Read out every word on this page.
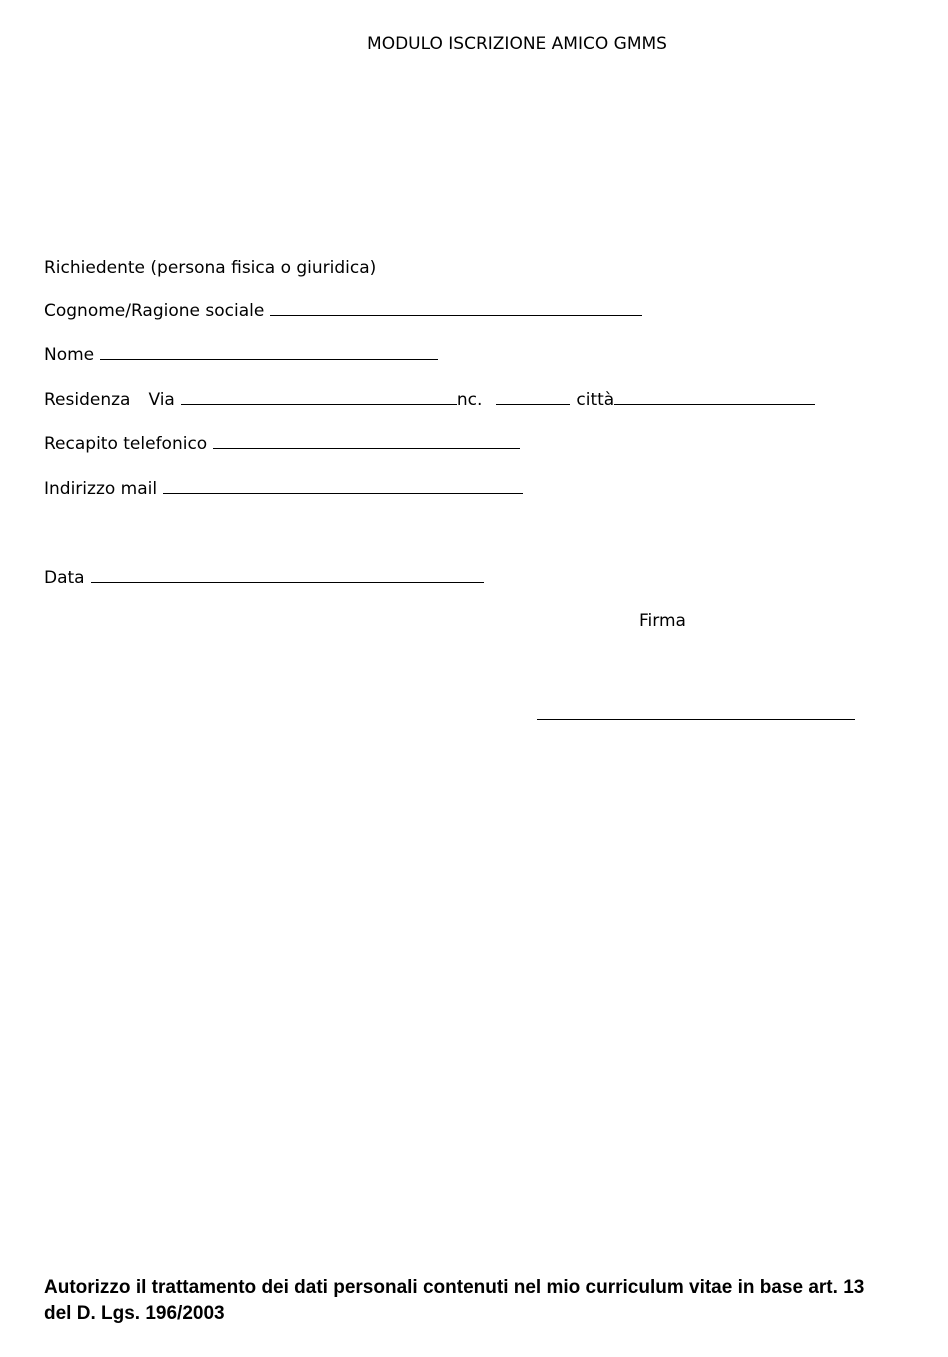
MODULO ISCRIZIONE AMICO GMMS
Richiedente (persona fisica o giuridica)
Cognome/Ragione sociale
Nome
Residenza Via	nc.	città
Recapito telefonico
Indirizzo mail
Data
Firma
Autorizzo il trattamento dei dati personali contenuti nel mio curriculum vitae in base art. 13
del D. Lgs. 196/2003
